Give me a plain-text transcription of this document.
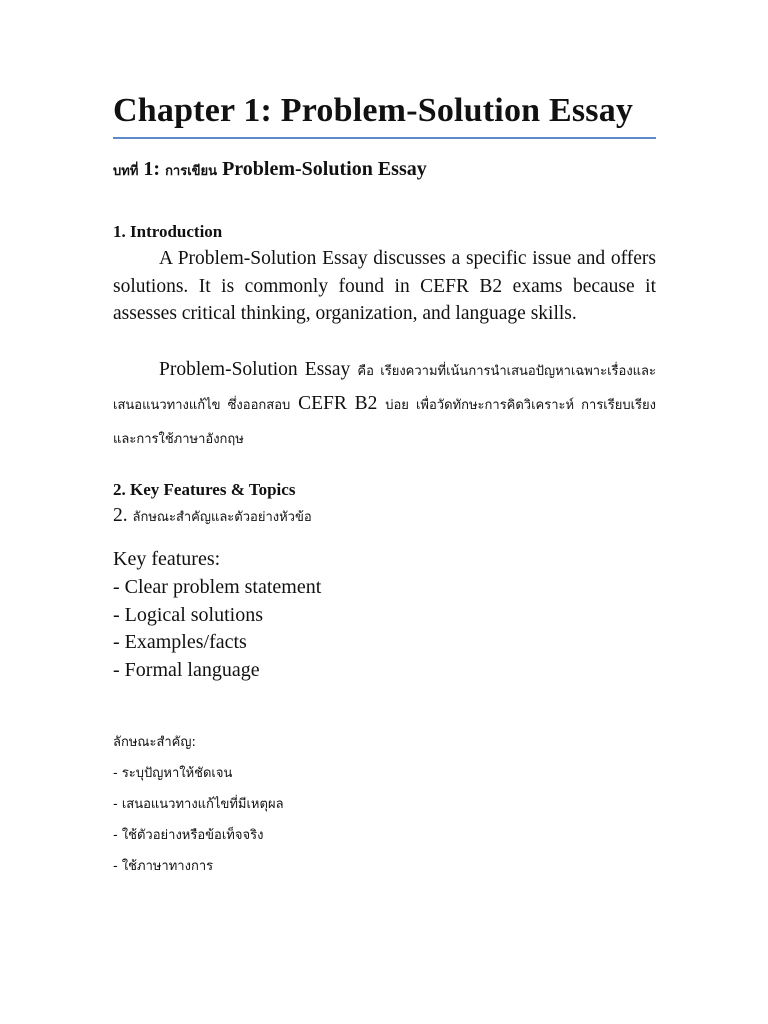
Chapter 1: Problem-Solution Essay
บทที่ 1: การเขียน Problem-Solution Essay
1. Introduction

A Problem-Solution Essay discusses a specific issue and offers solutions. It is commonly found in CEFR B2 exams because it assesses critical thinking, organization, and language skills.

Problem-Solution Essay คือ เรียงความที่เน้นการนำเสนอปัญหาเฉพาะเรื่องและเสนอแนวทางแก้ไข ซึ่งออกสอบ CEFR B2 บ่อย เพื่อวัดทักษะการคิดวิเคราะห์ การเรียบเรียง และการใช้ภาษาอังกฤษ

2. Key Features & Topics
2. ลักษณะสำคัญและตัวอย่างหัวข้อ
Key features:
- Clear problem statement
- Logical solutions
- Examples/facts
- Formal language
ลักษณะสำคัญ:
- ระบุปัญหาให้ชัดเจน
- เสนอแนวทางแก้ไขที่มีเหตุผล
- ใช้ตัวอย่างหรือข้อเท็จจริง
- ใช้ภาษาทางการ
